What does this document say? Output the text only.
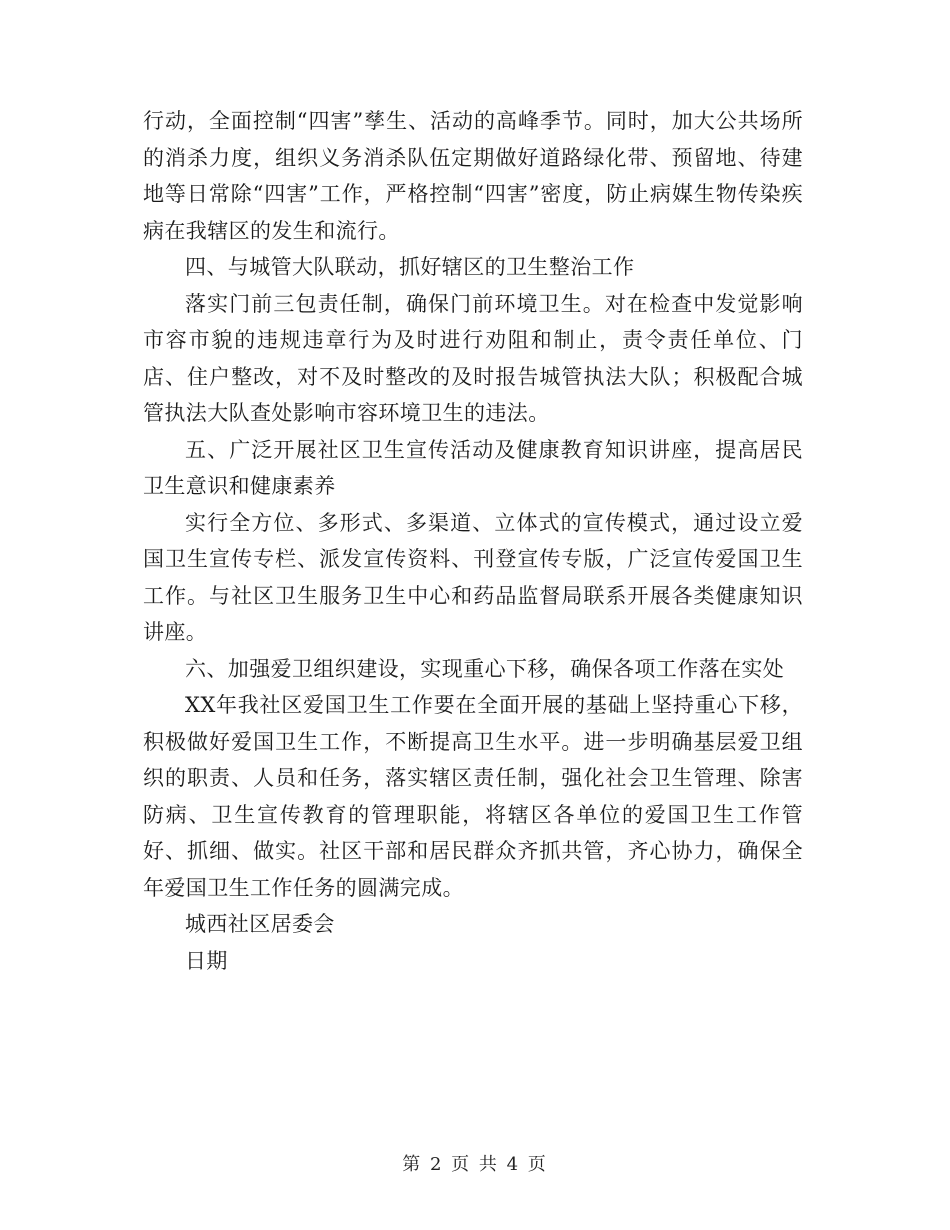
行动，全面控制“四害”孳生、活动的高峰季节。同时，加大公共场所的消杀力度，组织义务消杀队伍定期做好道路绿化带、预留地、待建地等日常除“四害”工作，严格控制“四害”密度，防止病媒生物传染疾病在我辖区的发生和流行。

四、与城管大队联动，抓好辖区的卫生整治工作

落实门前三包责任制，确保门前环境卫生。对在检查中发觉影响市容市貌的违规违章行为及时进行劝阻和制止，责令责任单位、门店、住户整改，对不及时整改的及时报告城管执法大队；积极配合城管执法大队查处影响市容环境卫生的违法。

五、广泛开展社区卫生宣传活动及健康教育知识讲座，提高居民卫生意识和健康素养

实行全方位、多形式、多渠道、立体式的宣传模式，通过设立爱国卫生宣传专栏、派发宣传资料、刊登宣传专版，广泛宣传爱国卫生工作。与社区卫生服务卫生中心和药品监督局联系开展各类健康知识讲座。

六、加强爱卫组织建设，实现重心下移，确保各项工作落在实处

XX年我社区爱国卫生工作要在全面开展的基础上坚持重心下移，积极做好爱国卫生工作，不断提高卫生水平。进一步明确基层爱卫组织的职责、人员和任务，落实辖区责任制，强化社会卫生管理、除害防病、卫生宣传教育的管理职能，将辖区各单位的爱国卫生工作管好、抓细、做实。社区干部和居民群众齐抓共管，齐心协力，确保全年爱国卫生工作任务的圆满完成。

城西社区居委会

日期

第 2 页 共 4 页
